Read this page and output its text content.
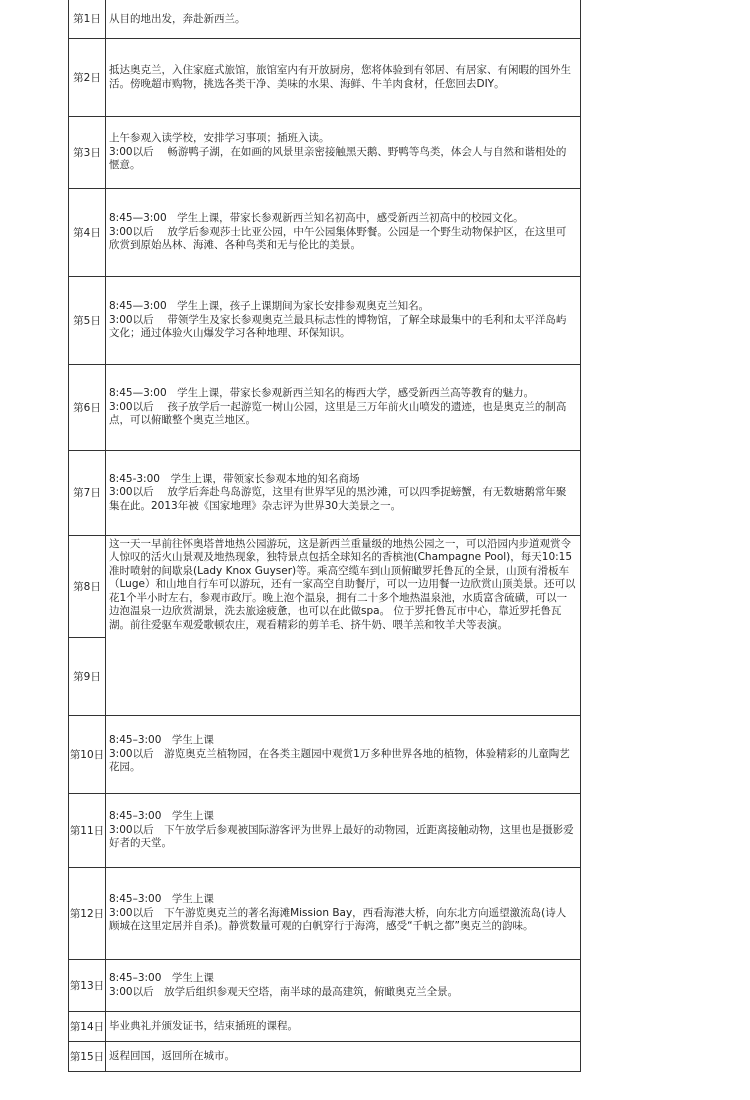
第1日	从目的地出发，奔赴新西兰。

第2日	抵达奥克兰，入住家庭式旅馆，旅馆室内有开放厨房，您将体验到有邻居、有居家、有闲暇的国外生活。傍晚超市购物，挑选各类干净、美味的水果、海鲜、牛羊肉食材，任您回去DIY。

第3日	上午参观入读学校，安排学习事项；插班入读。
3:00以后　 畅游鸭子湖，在如画的风景里亲密接触黑天鹅、野鸭等鸟类，体会人与自然和谐相处的惬意。

第4日	8:45—3:00　学生上课，带家长参观新西兰知名初高中，感受新西兰初高中的校园文化。
3:00以后　 放学后参观莎士比亚公园，中午公园集体野餐。公园是一个野生动物保护区，在这里可欣赏到原始丛林、海滩、各种鸟类和无与伦比的美景。

第5日	8:45—3:00　学生上课，孩子上课期间为家长安排参观奥克兰知名。
3:00以后　 带领学生及家长参观奥克兰最具标志性的博物馆，了解全球最集中的毛利和太平洋岛屿文化；通过体验火山爆发学习各种地理、环保知识。

第6日	8:45—3:00　学生上课，带家长参观新西兰知名的梅西大学，感受新西兰高等教育的魅力。
3:00以后　 孩子放学后一起游览一树山公园，这里是三万年前火山喷发的遗迹，也是奥克兰的制高点，可以俯瞰整个奥克兰地区。

第7日	8:45-3:00　学生上课，带领家长参观本地的知名商场
3:00以后　 放学后奔赴鸟岛游览，这里有世界罕见的黑沙滩，可以四季捉螃蟹，有无数塘鹅常年聚集在此。2013年被《国家地理》杂志评为世界30大美景之一。

第8日	这一天一早前往怀奥塔普地热公园游玩，这是新西兰重量级的地热公园之一，可以沿园内步道观赏令人惊叹的活火山景观及地热现象，独特景点包括全球知名的香槟池(Champagne Pool)，每天10:15准时喷射的间歇泉(Lady Knox Guyser)等。乘高空缆车到山顶俯瞰罗托鲁瓦的全景，山顶有滑板车（Luge）和山地自行车可以游玩，还有一家高空自助餐厅，可以一边用餐一边欣赏山顶美景。还可以花1个半小时左右，参观市政厅。晚上泡个温泉，拥有二十多个地热温泉池，水质富含硫磺，可以一边泡温泉一边欣赏湖景，洗去旅途疲惫，也可以在此做spa。 位于罗托鲁瓦市中心，靠近罗托鲁瓦湖。前往爱驱车观爱歌顿农庄，观看精彩的剪羊毛、挤牛奶、喂羊羔和牧羊犬等表演。

第9日	
第10日	8:45–3:00　学生上课
3:00以后　游览奥克兰植物园，在各类主题园中观赏1万多种世界各地的植物，体验精彩的儿童陶艺花园。

第11日	8:45–3:00　学生上课
3:00以后　下午放学后参观被国际游客评为世界上最好的动物园，近距离接触动物，这里也是摄影爱好者的天堂。

第12日	8:45–3:00　学生上课
3:00以后　下午游览奥克兰的著名海滩Mission Bay，西看海港大桥，向东北方向遥望激流岛(诗人顾城在这里定居并自杀)。静赏数量可观的白帆穿行于海湾，感受“千帆之都”奥克兰的韵味。

第13日	8:45–3:00　学生上课
3:00以后　放学后组织参观天空塔，南半球的最高建筑，俯瞰奥克兰全景。

第14日	毕业典礼并颁发证书，结束插班的课程。

第15日	返程回国，返回所在城市。
